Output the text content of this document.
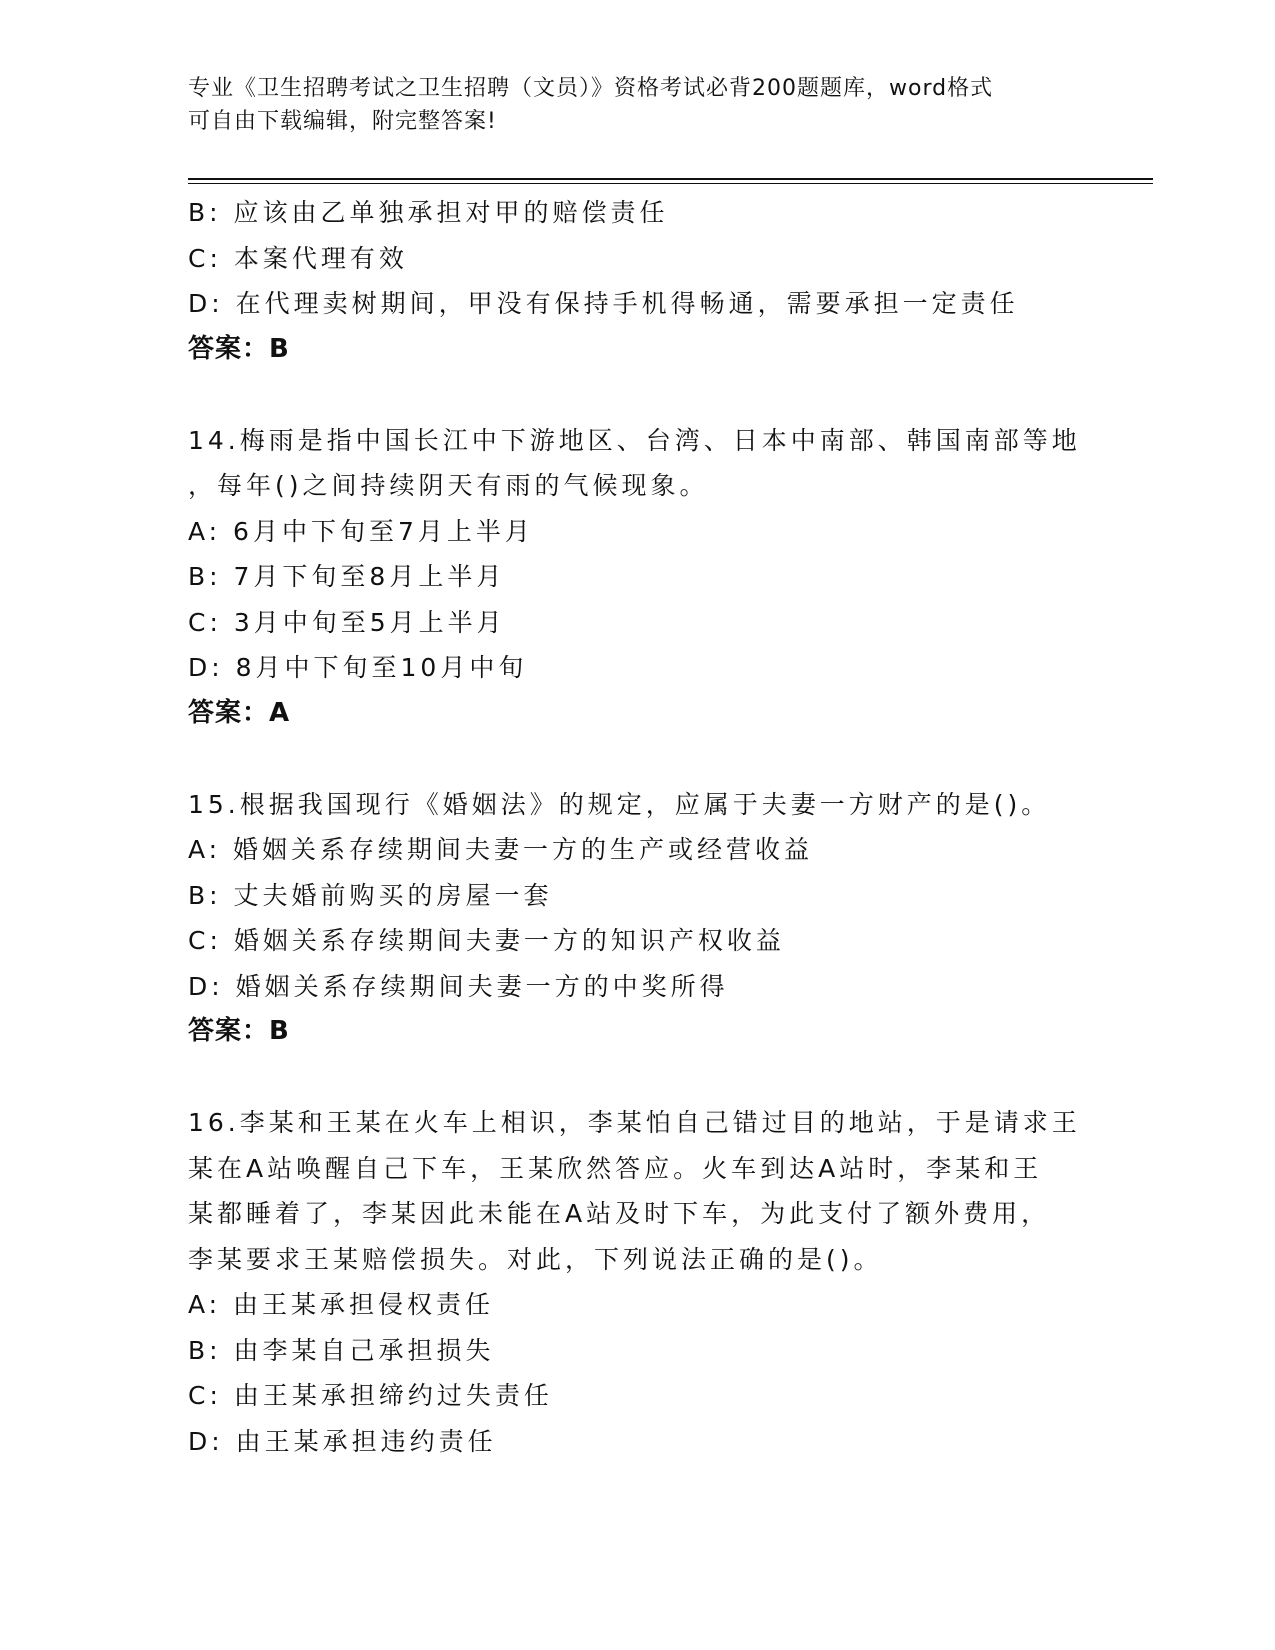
专业《卫生招聘考试之卫生招聘（文员）》资格考试必背200题题库，word格式
可自由下载编辑，附完整答案!
B: 应该由乙单独承担对甲的赔偿责任
C: 本案代理有效
D: 在代理卖树期间，甲没有保持手机得畅通，需要承担一定责任
答案：B
14.梅雨是指中国长江中下游地区、台湾、日本中南部、韩国南部等地
，每年()之间持续阴天有雨的气候现象。
A: 6月中下旬至7月上半月
B: 7月下旬至8月上半月
C: 3月中旬至5月上半月
D: 8月中下旬至10月中旬
答案：A
15.根据我国现行《婚姻法》的规定，应属于夫妻一方财产的是()。
A: 婚姻关系存续期间夫妻一方的生产或经营收益
B: 丈夫婚前购买的房屋一套
C: 婚姻关系存续期间夫妻一方的知识产权收益
D: 婚姻关系存续期间夫妻一方的中奖所得
答案：B
16.李某和王某在火车上相识，李某怕自己错过目的地站，于是请求王
某在A站唤醒自己下车，王某欣然答应。火车到达A站时，李某和王
某都睡着了，李某因此未能在A站及时下车，为此支付了额外费用，
李某要求王某赔偿损失。对此，下列说法正确的是()。
A: 由王某承担侵权责任
B: 由李某自己承担损失
C: 由王某承担缔约过失责任
D: 由王某承担违约责任
